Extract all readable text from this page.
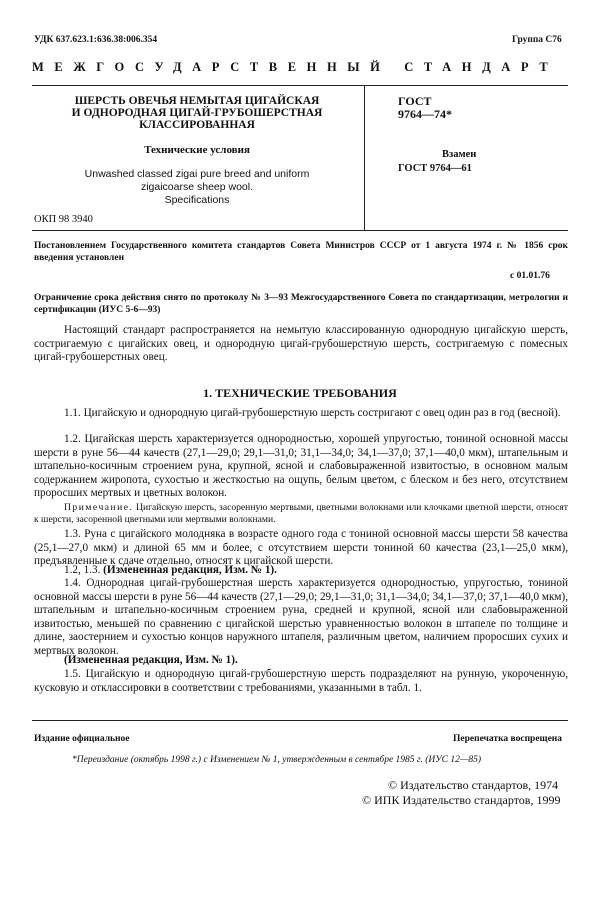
УДК 637.623.1:636.38:006.354	Группа С76
МЕЖГОСУДАРСТВЕННЫЙ СТАНДАРТ
ШЕРСТЬ ОВЕЧЬЯ НЕМЫТАЯ ЦИГАЙСКАЯ
И ОДНОРОДНАЯ ЦИГАЙ-ГРУБОШЕРСТНАЯ
КЛАССИРОВАННАЯ
Технические условия
Unwashed classed zigai pure breed and uniform
zigaicoarse sheep wool.
Specifications
ГОСТ
9764—74*
Взамен
ГОСТ 9764—61
ОКП 98 3940
Постановлением Государственного комитета стандартов Совета Министров СССР от 1 августа 1974 г. № 1856 срок введения установлен
с 01.01.76
Ограничение срока действия снято по протоколу № 3—93 Межгосударственного Совета по стандартизации, метрологии и сертификации (ИУС 5-6—93)
Настоящий стандарт распространяется на немытую классированную однородную цигайскую шерсть, состригаемую с цигайских овец, и однородную цигай-грубошерстную шерсть, состригаемую с помесных цигай-грубошерстных овец.
1. ТЕХНИЧЕСКИЕ ТРЕБОВАНИЯ
1.1. Цигайскую и однородную цигай-грубошерстную шерсть состригают с овец один раз в год (весной).
1.2. Цигайская шерсть характеризуется однородностью, хорошей упругостью, тониной основной массы шерсти в руне 56—44 качеств (27,1—29,0; 29,1—31,0; 31,1—34,0; 34,1—37,0; 37,1—40,0 мкм), штапельным и штапельно-косичным строением руна, крупной, ясной и слабовыраженной извитостью, в основном малым содержанием жиропота, сухостью и жесткостью на ощупь, белым цветом, с блеском и без него, отсутствием проросших мертвых и цветных волокон.
Примечание. Цигайскую шерсть, засоренную мертвыми, цветными волокнами или клочками цветной шерсти, относят к шерсти, засоренной цветными или мертвыми волокнами.
1.3. Руна с цигайского молодняка в возрасте одного года с тониной основной массы шерсти 58 качества (25,1—27,0 мкм) и длиной 65 мм и более, с отсутствием шерсти тониной 60 качества (23,1—25,0 мкм), предъявленные к сдаче отдельно, относят к цигайской шерсти.
1.2, 1.3. (Измененная редакция, Изм. № 1).
1.4. Однородная цигай-грубошерстная шерсть характеризуется однородностью, упругостью, тониной основной массы шерсти в руне 56—44 качеств (27,1—29,0; 29,1—31,0; 31,1—34,0; 34,1—37,0; 37,1—40,0 мкм), штапельным и штапельно-косичным строением руна, средней и крупной, ясной или слабовыраженной извитостью, меньшей по сравнению с цигайской шерстью уравненностью волокон в штапеле по толщине и длине, заостернием и сухостью концов наружного штапеля, различным цветом, наличием проросших сухих и мертвых волокон.
(Измененная редакция, Изм. № 1).
1.5. Цигайскую и однородную цигай-грубошерстную шерсть подразделяют на рунную, укороченную, кусковую и отклассировки в соответствии с требованиями, указанными в табл. 1.
Издание официальное	Перепечатка воспрещена
*Переиздание (октябрь 1998 г.) с Изменением № 1, утвержденным в сентябре 1985 г. (ИУС 12—85)
© Издательство стандартов, 1974
© ИПК Издательство стандартов, 1999
